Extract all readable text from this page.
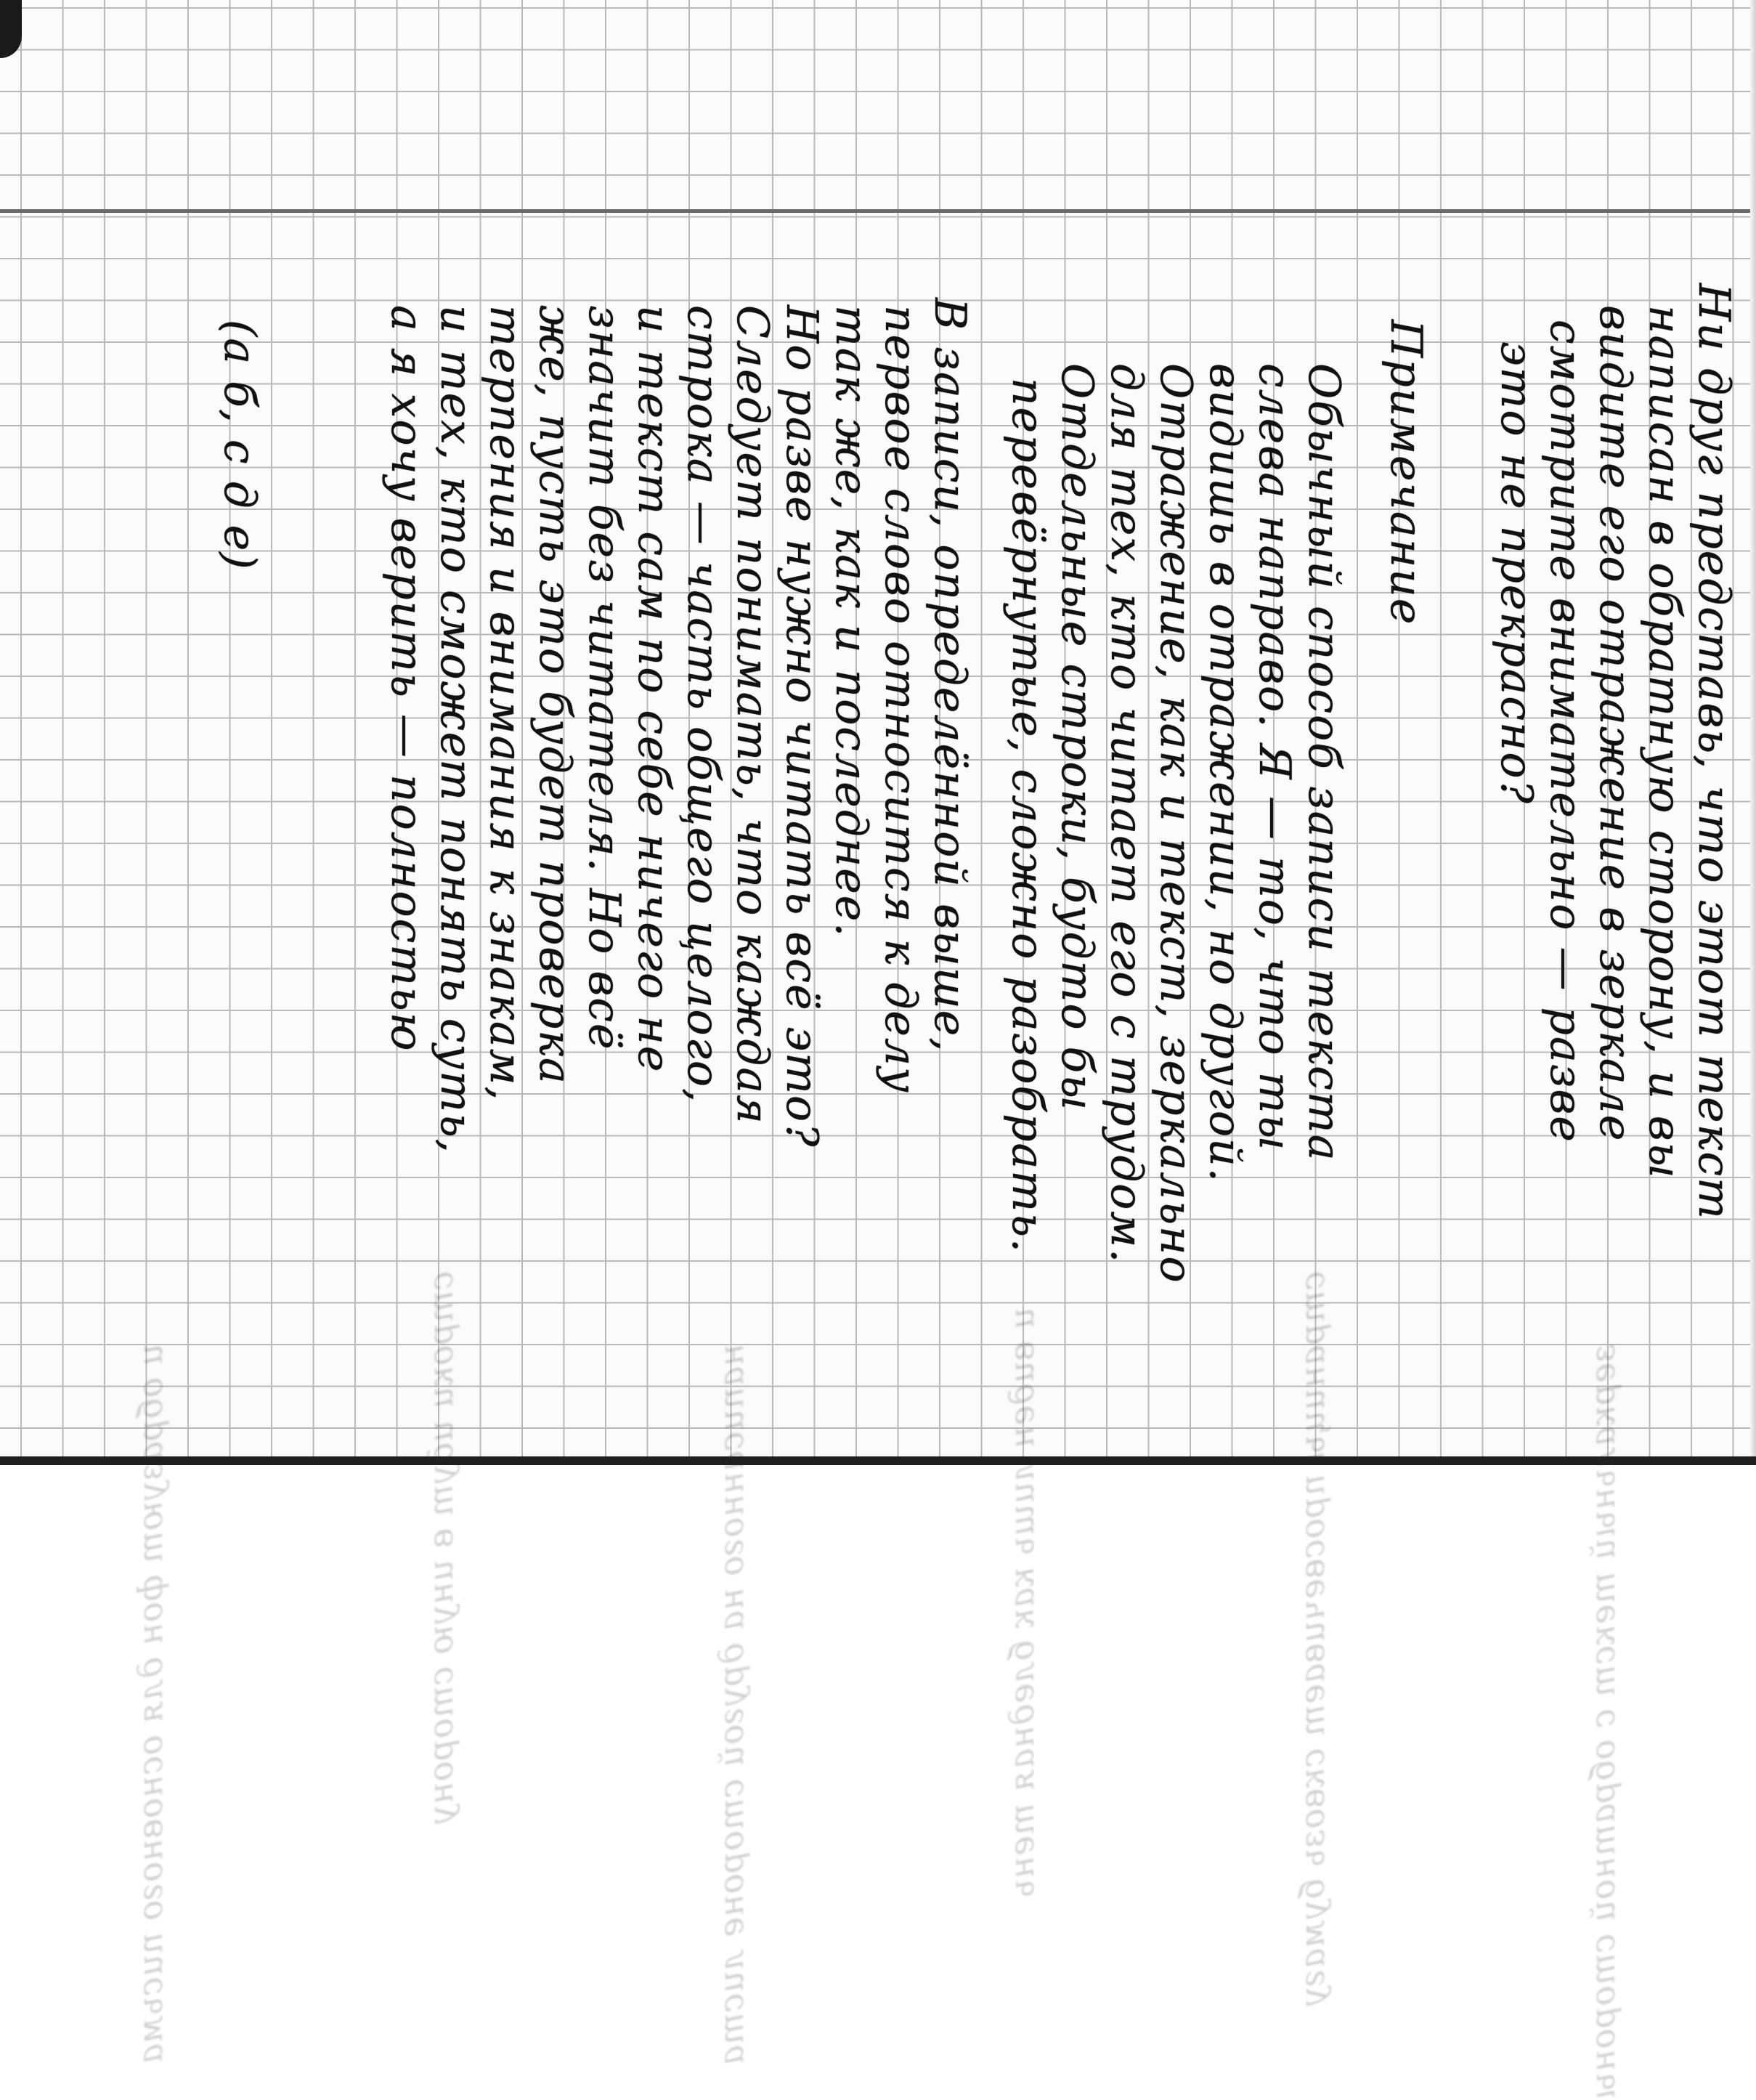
зеркальный текст с обратной стороны
страницы просвечивает сквозь бумагу
и виден лишь как бледная тень
написанного на другой стороне листа
строки идут в иную сторону
и образуют фон для основного письма
Ни друг представь, что этот текст
написан в обратную сторону, и вы
видите его отражение в зеркале
смотрите внимательно — разве
это не прекрасно?
Примечание
Обычный способ записи текста
слева направо. Я — то, что ты
видишь в отражении, но другой.
Отражение, как и текст, зеркально
для тех, кто читает его с трудом.
Отдельные строки, будто бы
перевёрнутые, сложно разобрать.
В записи, определённой выше,
первое слово относится к делу
так же, как и последнее.
Но разве нужно читать всё это?
Следует понимать, что каждая
строка — часть общего целого,
и текст сам по себе ничего не
значит без читателя. Но всё
же, пусть это будет проверка
терпения и внимания к знакам,
и тех, кто сможет понять суть,
а я хочу верить — полностью
(а б, с д е)
